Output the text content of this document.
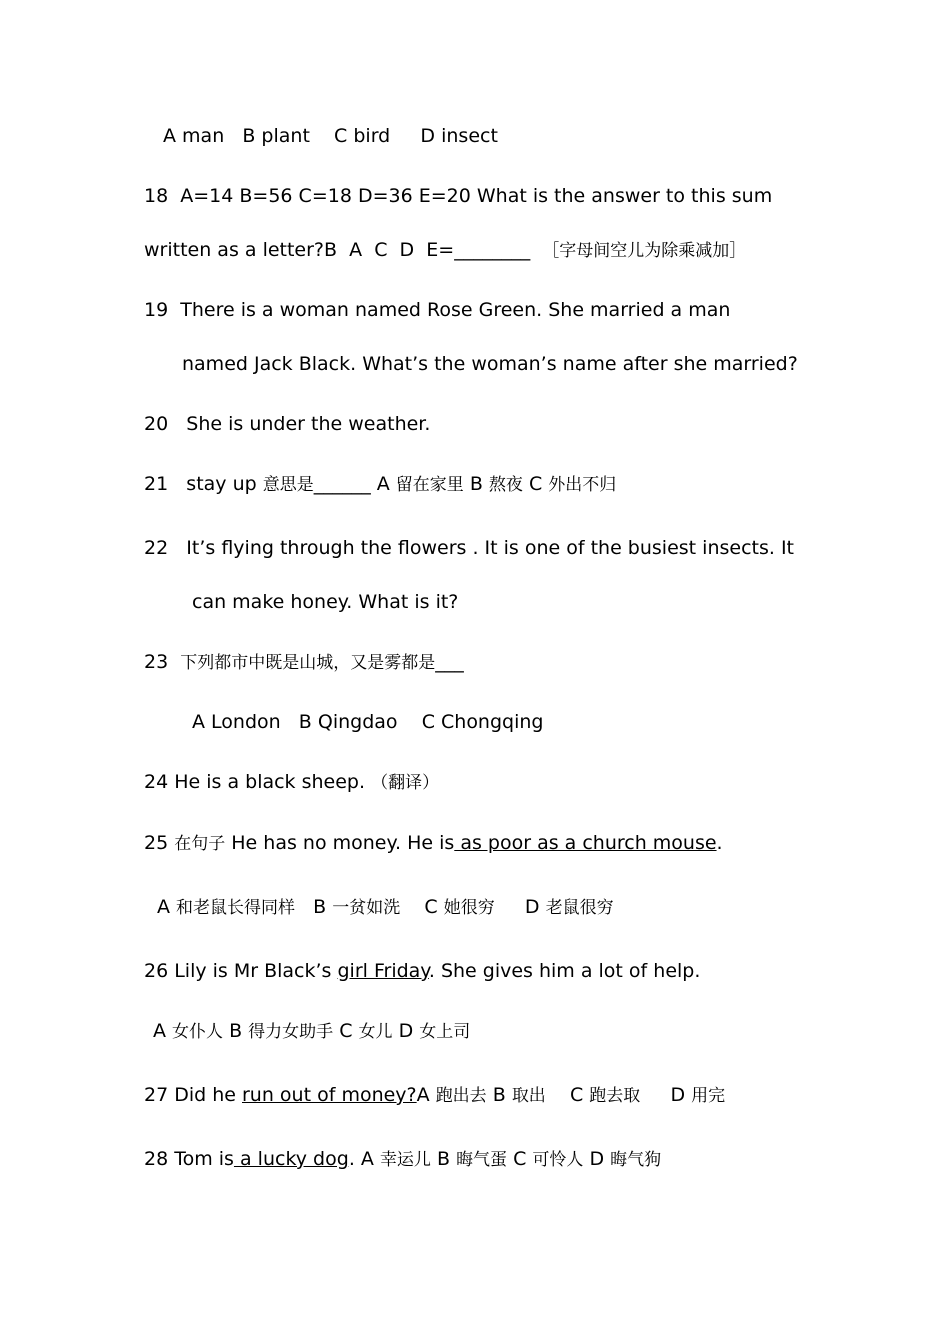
A man   B plant    C bird     D insect
18  A=14 B=56 C=18 D=36 E=20 What is the answer to this sum
written as a letter?B  A  C  D  E=________  ［字母间空儿为除乘减加］
19  There is a woman named Rose Green. She married a man
named Jack Black. What’s the woman’s name after she married?
20   She is under the weather.
21   stay up 意思是______ A 留在家里 B 熬夜 C 外出不归
22   It’s flying through the flowers . It is one of the busiest insects. It
can make honey. What is it?
23  下列都市中既是山城，又是雾都是___
A London   B Qingdao    C Chongqing
24 He is a black sheep. （翻译）
25 在句子 He has no money. He is as poor as a church mouse.
A 和老鼠长得同样   B 一贫如洗    C 她很穷     D 老鼠很穷
26 Lily is Mr Black’s girl Friday. She gives him a lot of help.
A 女仆人 B 得力女助手 C 女儿 D 女上司
27 Did he run out of money?A 跑出去 B 取出    C 跑去取     D 用完
28 Tom is a lucky dog. A 幸运儿 B 晦气蛋 C 可怜人 D 晦气狗
